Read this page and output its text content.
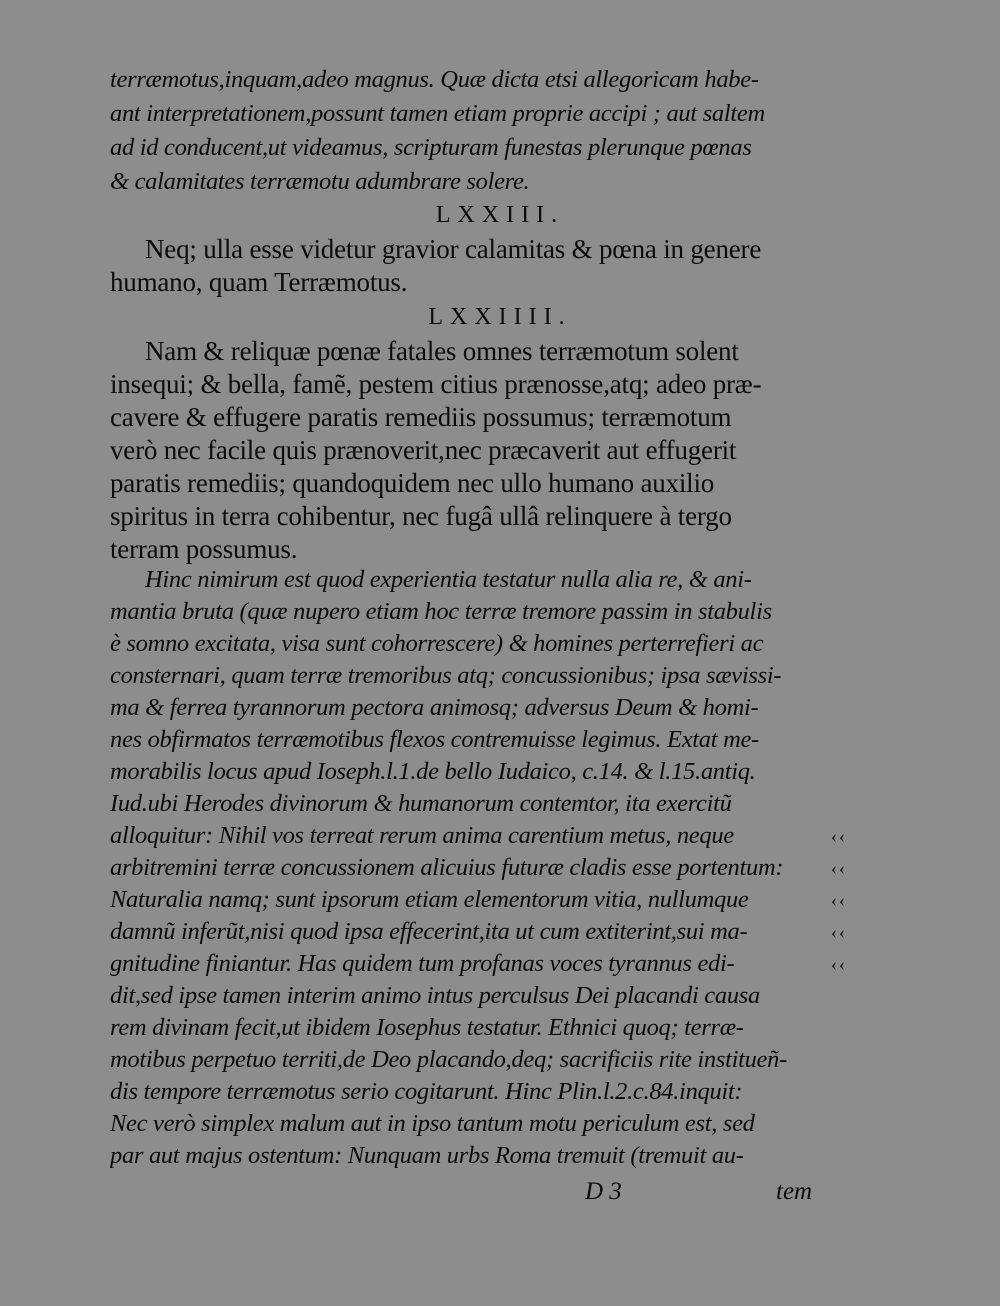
terræmotus,inquam,adeo magnus. Quæ dicta etsi allegoricam habe-
ant interpretationem,possunt tamen etiam proprie accipi ; aut saltem
ad id conducent,ut videamus, scripturam funestas plerunque pœnas
& calamitates terræmotu adumbrare solere.
LXXIII.
Neq; ulla esse videtur gravior calamitas & pœna in genere
humano, quam Terræmotus.
LXXIIII.
Nam & reliquæ pœnæ fatales omnes terræmotum solent
insequi; & bella, famẽ, pestem citius prænosse,atq; adeo præ-
cavere & effugere paratis remediis possumus; terræmotum
verò nec facile quis prænoverit,nec præcaverit aut effugerit
paratis remediis; quandoquidem nec ullo humano auxilio
spiritus in terra cohibentur, nec fugâ ullâ relinquere à tergo
terram possumus.
Hinc nimirum est quod experientia testatur nulla alia re, & ani-
mantia bruta (quæ nupero etiam hoc terræ tremore passim in stabulis
è somno excitata, visa sunt cohorrescere) & homines perterrefieri ac
consternari, quam terræ tremoribus atq; concussionibus; ipsa sævissi-
ma & ferrea tyrannorum pectora animosq; adversus Deum & homi-
nes obfirmatos terræmotibus flexos contremuisse legimus. Extat me-
morabilis locus apud Ioseph.l.1.de bello Iudaico, c.14. & l.15.antiq.
Iud.ubi Herodes divinorum & humanorum contemtor, ita exercitũ
alloquitur: Nihil vos terreat rerum anima carentium metus, neque
arbitremini terræ concussionem alicuius futuræ cladis esse portentum:
Naturalia namq; sunt ipsorum etiam elementorum vitia, nullumque
damnũ inferũt,nisi quod ipsa effecerint,ita ut cum extiterint,sui ma-
gnitudine finiantur. Has quidem tum profanas voces tyrannus edi-
dit,sed ipse tamen interim animo intus perculsus Dei placandi causa
rem divinam fecit,ut ibidem Iosephus testatur. Ethnici quoq; terræ-
motibus perpetuo territi,de Deo placando,deq; sacrificiis rite institueñ-
dis tempore terræmotus serio cogitarunt. Hinc Plin.l.2.c.84.inquit:
Nec verò simplex malum aut in ipso tantum motu periculum est, sed
par aut majus ostentum: Nunquam urbs Roma tremuit (tremuit au-
‹‹
‹‹
‹‹
‹‹
‹‹
D 3	tem
